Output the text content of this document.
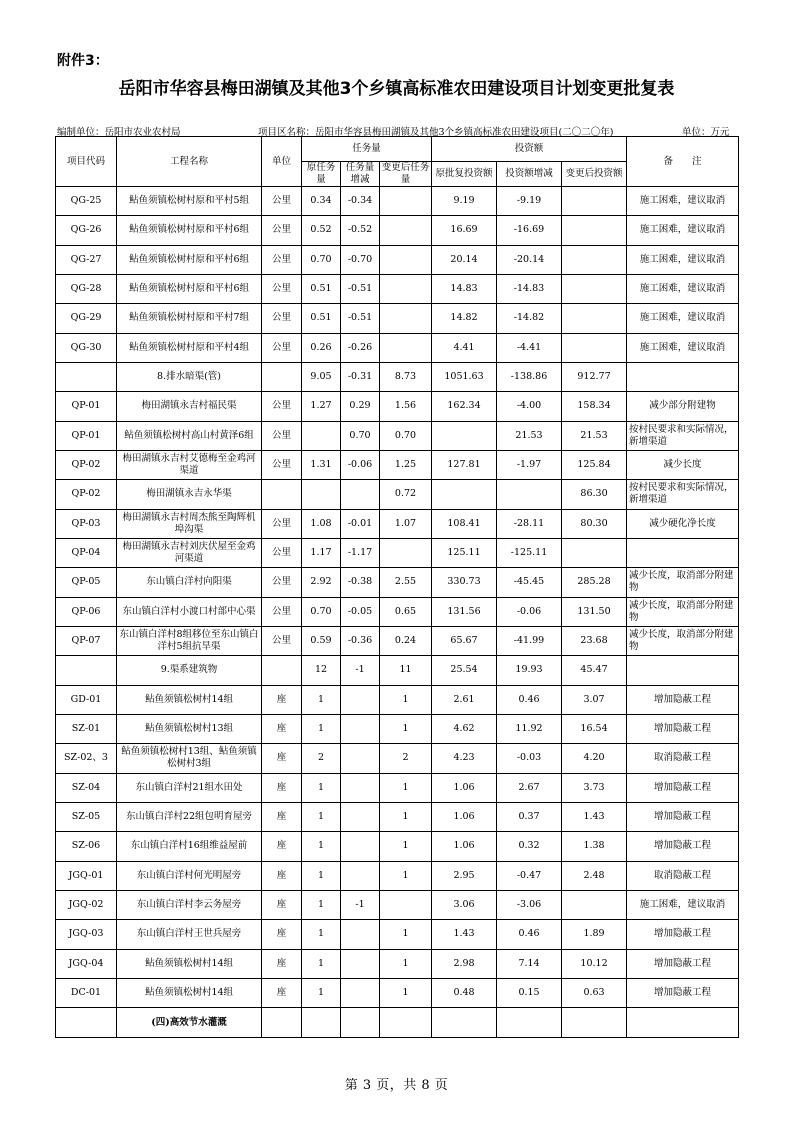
附件3：
岳阳市华容县梅田湖镇及其他3个乡镇高标准农田建设项目计划变更批复表
编制单位：岳阳市农业农村局	项目区名称：岳阳市华容县梅田湖镇及其他3个乡镇高标准农田建设项目(二〇二〇年)	单位：万元
项目代码	工程名称	单位	任务量			投资额			备　　注
			原任务量	任务量增减	变更后任务量	原批复投资额	投资额增减	变更后投资额	
QG-25	鲇鱼须镇松树村原和平村5组	公里	0.34	-0.34		9.19	-9.19		施工困难，建议取消
QG-26	鲇鱼须镇松树村原和平村6组	公里	0.52	-0.52		16.69	-16.69		施工困难，建议取消
QG-27	鲇鱼须镇松树村原和平村6组	公里	0.70	-0.70		20.14	-20.14		施工困难，建议取消
QG-28	鲇鱼须镇松树村原和平村6组	公里	0.51	-0.51		14.83	-14.83		施工困难，建议取消
QG-29	鲇鱼须镇松树村原和平村7组	公里	0.51	-0.51		14.82	-14.82		施工困难，建议取消
QG-30	鲇鱼须镇松树村原和平村4组	公里	0.26	-0.26		4.41	-4.41		施工困难，建议取消
	8.排水暗渠(管)		9.05	-0.31	8.73	1051.63	-138.86	912.77	
QP-01	梅田湖镇永吉村福民渠	公里	1.27	0.29	1.56	162.34	-4.00	158.34	减少部分附建物
QP-01	鲇鱼须镇松树村高山村黄泽6组	公里		0.70	0.70		21.53	21.53	按村民要求和实际情况，新增渠道
QP-02	梅田湖镇永吉村艾德梅至金鸡河渠道	公里	1.31	-0.06	1.25	127.81	-1.97	125.84	减少长度
QP-02	梅田湖镇永吉永华渠				0.72			86.30	按村民要求和实际情况，新增渠道
QP-03	梅田湖镇永吉村周杰熊至陶辉机埠沟渠	公里	1.08	-0.01	1.07	108.41	-28.11	80.30	减少硬化净长度
QP-04	梅田湖镇永吉村刘庆伏屋至金鸡河渠道	公里	1.17	-1.17		125.11	-125.11		
QP-05	东山镇白洋村向阳渠	公里	2.92	-0.38	2.55	330.73	-45.45	285.28	减少长度，取消部分附建物
QP-06	东山镇白洋村小渡口村部中心渠	公里	0.70	-0.05	0.65	131.56	-0.06	131.50	减少长度，取消部分附建物
QP-07	东山镇白洋村8组移位至东山镇白洋村5组抗旱渠	公里	0.59	-0.36	0.24	65.67	-41.99	23.68	减少长度，取消部分附建物
	9.渠系建筑物		12	-1	11	25.54	19.93	45.47	
GD-01	鲇鱼须镇松树村14组	座	1		1	2.61	0.46	3.07	增加隐蔽工程
SZ-01	鲇鱼须镇松树村13组	座	1		1	4.62	11.92	16.54	增加隐蔽工程
SZ-02、3	鲇鱼须镇松树村13组、鲇鱼须镇松树村3组	座	2		2	4.23	-0.03	4.20	取消隐蔽工程
SZ-04	东山镇白洋村21组水田处	座	1		1	1.06	2.67	3.73	增加隐蔽工程
SZ-05	东山镇白洋村22组包明育屋旁	座	1		1	1.06	0.37	1.43	增加隐蔽工程
SZ-06	东山镇白洋村16组维益屋前	座	1		1	1.06	0.32	1.38	增加隐蔽工程
JGQ-01	东山镇白洋村何光明屋旁	座	1		1	2.95	-0.47	2.48	取消隐蔽工程
JGQ-02	东山镇白洋村李云务屋旁	座	1	-1		3.06	-3.06		施工困难，建议取消
JGQ-03	东山镇白洋村王世兵屋旁	座	1		1	1.43	0.46	1.89	增加隐蔽工程
JGQ-04	鲇鱼须镇松树村14组	座	1		1	2.98	7.14	10.12	增加隐蔽工程
DC-01	鲇鱼须镇松树村14组	座	1		1	0.48	0.15	0.63	增加隐蔽工程
	(四)高效节水灌溉								
第 3 页，共 8 页
